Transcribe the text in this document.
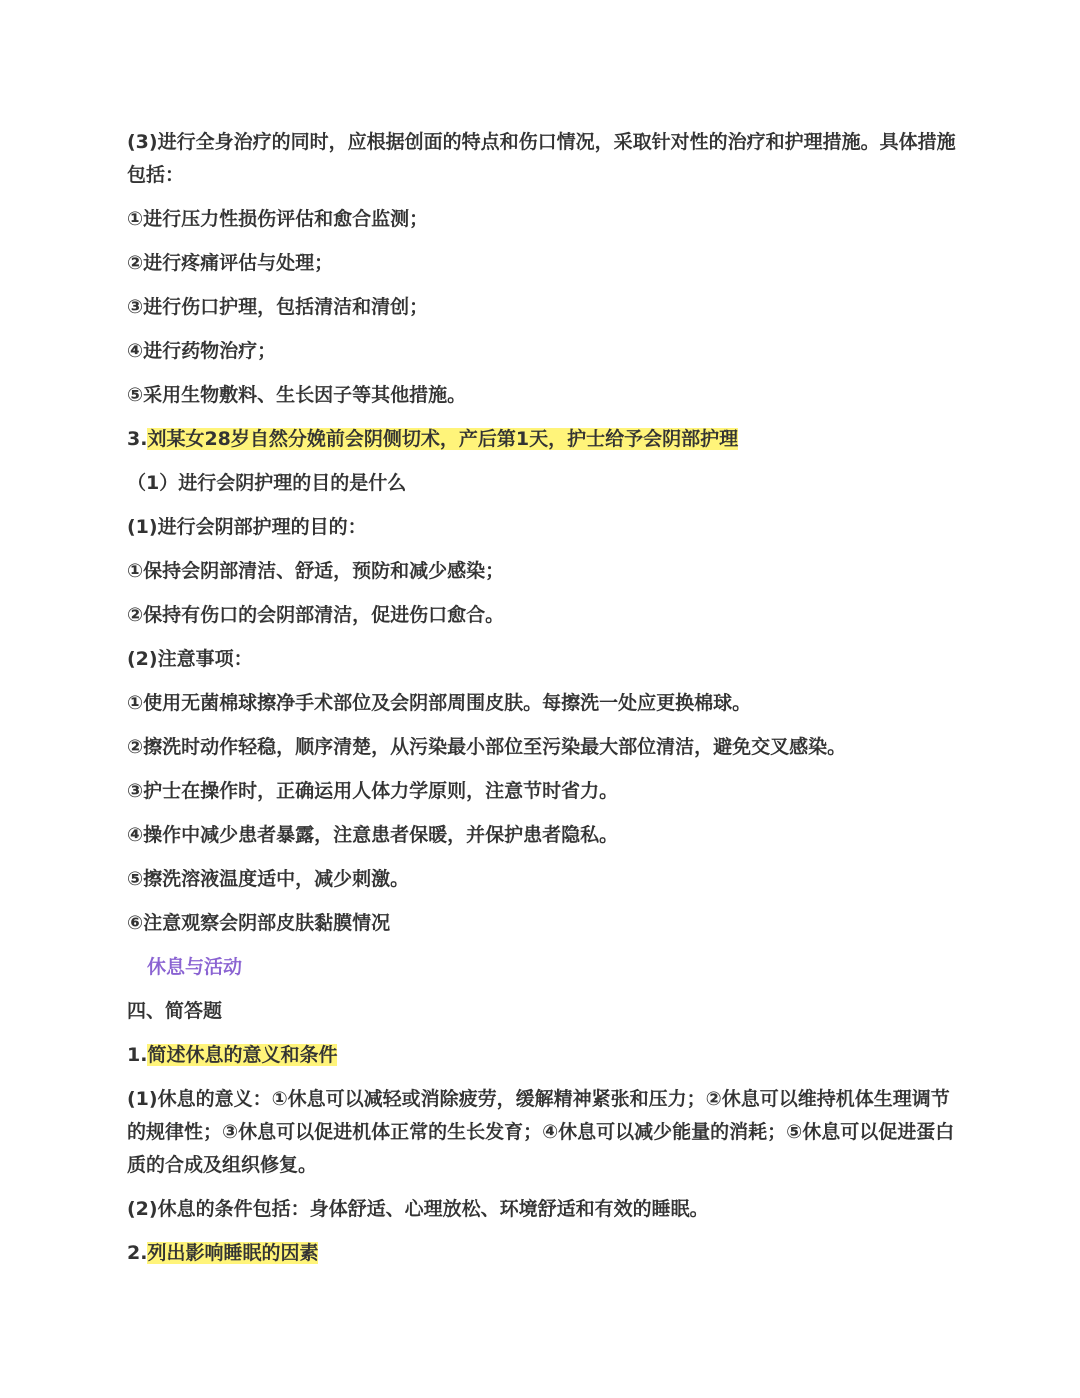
(3)进行全身治疗的同时，应根据创面的特点和伤口情况，采取针对性的治疗和护理措施。具体措施包括：
①进行压力性损伤评估和愈合监测；
②进行疼痛评估与处理；
③进行伤口护理，包括清洁和清创；
④进行药物治疗；
⑤采用生物敷料、生长因子等其他措施。
3.刘某女28岁自然分娩前会阴侧切术，产后第1天，护士给予会阴部护理
（1）进行会阴护理的目的是什么
(1)进行会阴部护理的目的：
①保持会阴部清洁、舒适，预防和减少感染；
②保持有伤口的会阴部清洁，促进伤口愈合。
(2)注意事项：
①使用无菌棉球擦净手术部位及会阴部周围皮肤。每擦洗一处应更换棉球。
②擦洗时动作轻稳，顺序清楚，从污染最小部位至污染最大部位清洁，避免交叉感染。
③护士在操作时，正确运用人体力学原则，注意节时省力。
④操作中减少患者暴露，注意患者保暖，并保护患者隐私。
⑤擦洗溶液温度适中，减少刺激。
⑥注意观察会阴部皮肤黏膜情况
休息与活动
四、简答题
1.简述休息的意义和条件
(1)休息的意义：①休息可以减轻或消除疲劳，缓解精神紧张和压力；②休息可以维持机体生理调节的规律性；③休息可以促进机体正常的生长发育；④休息可以减少能量的消耗；⑤休息可以促进蛋白质的合成及组织修复。
(2)休息的条件包括：身体舒适、心理放松、环境舒适和有效的睡眠。
2.列出影响睡眠的因素
